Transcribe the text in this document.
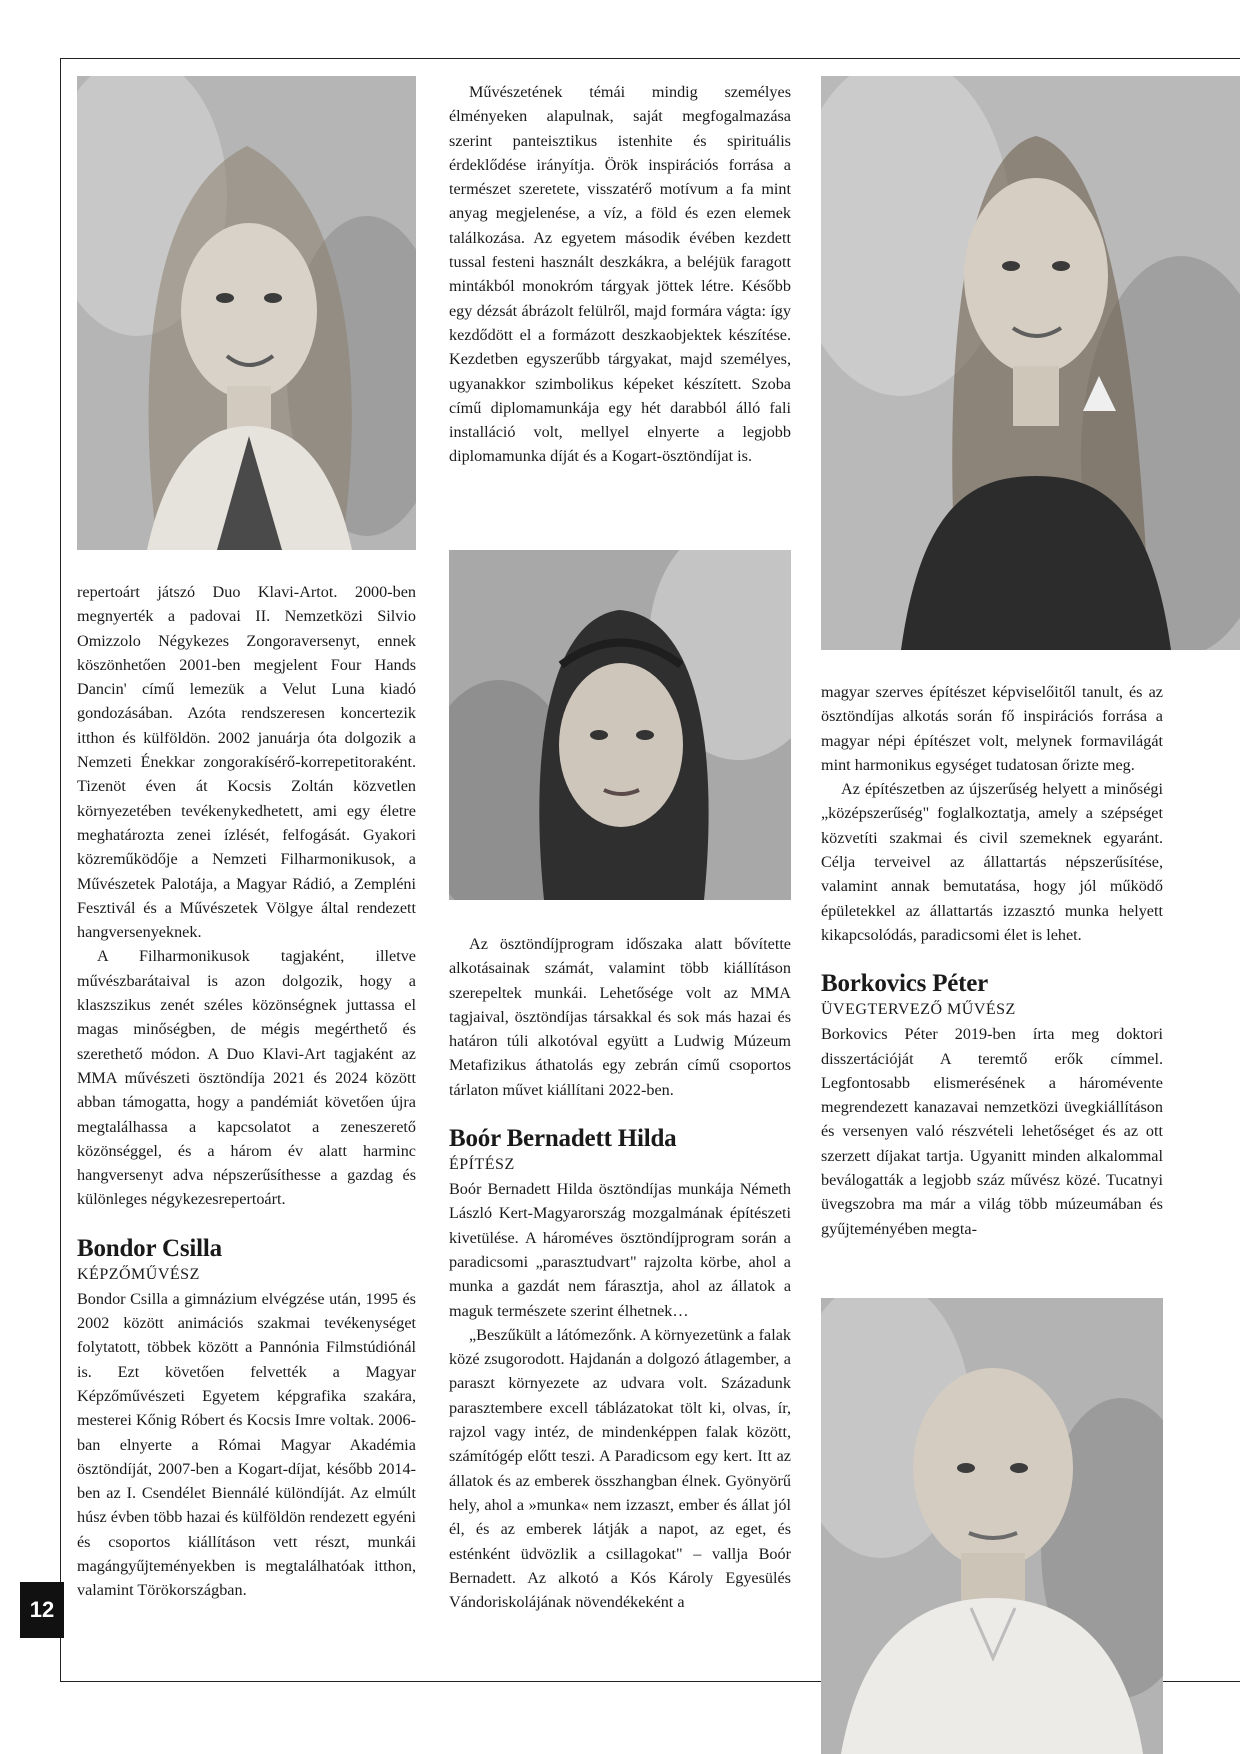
12

repertoárt játszó Duo Klavi-Artot. 2000-ben megnyerték a padovai II. Nemzetközi Silvio Omizzolo Négykezes Zongoraversenyt, ennek köszönhetően 2001-ben megjelent Four Hands Dancin' című lemezük a Velut Luna kiadó gondozásában. Azóta rendszeresen koncertezik itthon és külföldön. 2002 januárja óta dolgozik a Nemzeti Énekkar zongorakísérő-korrepetitoraként. Tizenöt éven át Kocsis Zoltán közvetlen környezetében tevékenykedhetett, ami egy életre meghatározta zenei ízlését, felfogását. Gyakori közreműködője a Nemzeti Filharmonikusok, a Művészetek Palotája, a Magyar Rádió, a Zempléni Fesztivál és a Művészetek Völgye által rendezett hangversenyeknek.

A Filharmonikusok tagjaként, illetve művészbarátaival is azon dolgozik, hogy a klaszszikus zenét széles közönségnek juttassa el magas minőségben, de mégis megérthető és szerethető módon. A Duo Klavi-Art tagjaként az MMA művészeti ösztöndíja 2021 és 2024 között abban támogatta, hogy a pandémiát követően újra megtalálhassa a kapcsolatot a zeneszerető közönséggel, és a három év alatt harminc hangversenyt adva népszerűsíthesse a gazdag és különleges négykezesrepertoárt.

Bondor Csilla
KÉPZŐMŰVÉSZ

Bondor Csilla a gimnázium elvégzése után, 1995 és 2002 között animációs szakmai tevékenységet folytatott, többek között a Pannónia Filmstúdiónál is. Ezt követően felvették a Magyar Képzőművészeti Egyetem képgrafika szakára, mesterei Kőnig Róbert és Kocsis Imre voltak. 2006-ban elnyerte a Római Magyar Akadémia ösztöndíját, 2007-ben a Kogart-díjat, később 2014-ben az I. Csendélet Biennálé különdíját. Az elmúlt húsz évben több hazai és külföldön rendezett egyéni és csoportos kiállításon vett részt, munkái magángyűjteményekben is megtalálhatóak itthon, valamint Törökországban.

Művészetének témái mindig személyes élményeken alapulnak, saját megfogalmazása szerint panteisztikus istenhite és spirituális érdeklődése irányítja. Örök inspirációs forrása a természet szeretete, visszatérő motívum a fa mint anyag megjelenése, a víz, a föld és ezen elemek találkozása. Az egyetem második évében kezdett tussal festeni használt deszkákra, a beléjük faragott mintákból monokróm tárgyak jöttek létre. Később egy dézsát ábrázolt felülről, majd formára vágta: így kezdődött el a formázott deszkaobjektek készítése. Kezdetben egyszerűbb tárgyakat, majd személyes, ugyanakkor szimbolikus képeket készített. Szoba című diplomamunkája egy hét darabból álló fali installáció volt, mellyel elnyerte a legjobb diplomamunka díját és a Kogart-ösztöndíjat is.

Az ösztöndíjprogram időszaka alatt bővítette alkotásainak számát, valamint több kiállításon szerepeltek munkái. Lehetősége volt az MMA tagjaival, ösztöndíjas társakkal és sok más hazai és határon túli alkotóval együtt a Ludwig Múzeum Metafizikus áthatolás egy zebrán című csoportos tárlaton művet kiállítani 2022-ben.

Boór Bernadett Hilda
ÉPÍTÉSZ

Boór Bernadett Hilda ösztöndíjas munkája Németh László Kert-Magyarország mozgalmának építészeti kivetülése. A hároméves ösztöndíjprogram során a paradicsomi „parasztudvart" rajzolta körbe, ahol a munka a gazdát nem fárasztja, ahol az állatok a maguk természete szerint élhetnek…

„Beszűkült a látómezőnk. A környezetünk a falak közé zsugorodott. Hajdanán a dolgozó átlagember, a paraszt környezete az udvara volt. Századunk parasztembere excell táblázatokat tölt ki, olvas, ír, rajzol vagy intéz, de mindenképpen falak között, számítógép előtt teszi. A Paradicsom egy kert. Itt az állatok és az emberek összhangban élnek. Gyönyörű hely, ahol a »munka« nem izzaszt, ember és állat jól él, és az emberek látják a napot, az eget, és esténként üdvözlik a csillagokat" – vallja Boór Bernadett. Az alkotó a Kós Károly Egyesülés Vándoriskolájának növendékeként a

magyar szerves építészet képviselőitől tanult, és az ösztöndíjas alkotás során fő inspirációs forrása a magyar népi építészet volt, melynek formavilágát mint harmonikus egységet tudatosan őrizte meg.

Az építészetben az újszerűség helyett a minőségi „középszerűség" foglalkoztatja, amely a szépséget közvetíti szakmai és civil szemeknek egyaránt. Célja terveivel az állattartás népszerűsítése, valamint annak bemutatása, hogy jól működő épületekkel az állattartás izzasztó munka helyett kikapcsolódás, paradicsomi élet is lehet.

Borkovics Péter
ÜVEGTERVEZŐ MŰVÉSZ

Borkovics Péter 2019-ben írta meg doktori disszertációját A teremtő erők címmel. Legfontosabb elismerésének a háromévente megrendezett kanazavai nemzetközi üvegkiállításon és versenyen való részvételi lehetőséget és az ott szerzett díjakat tartja. Ugyanitt minden alkalommal beválogatták a legjobb száz művész közé. Tucatnyi üvegszobra ma már a világ több múzeumában és gyűjteményében megta-
